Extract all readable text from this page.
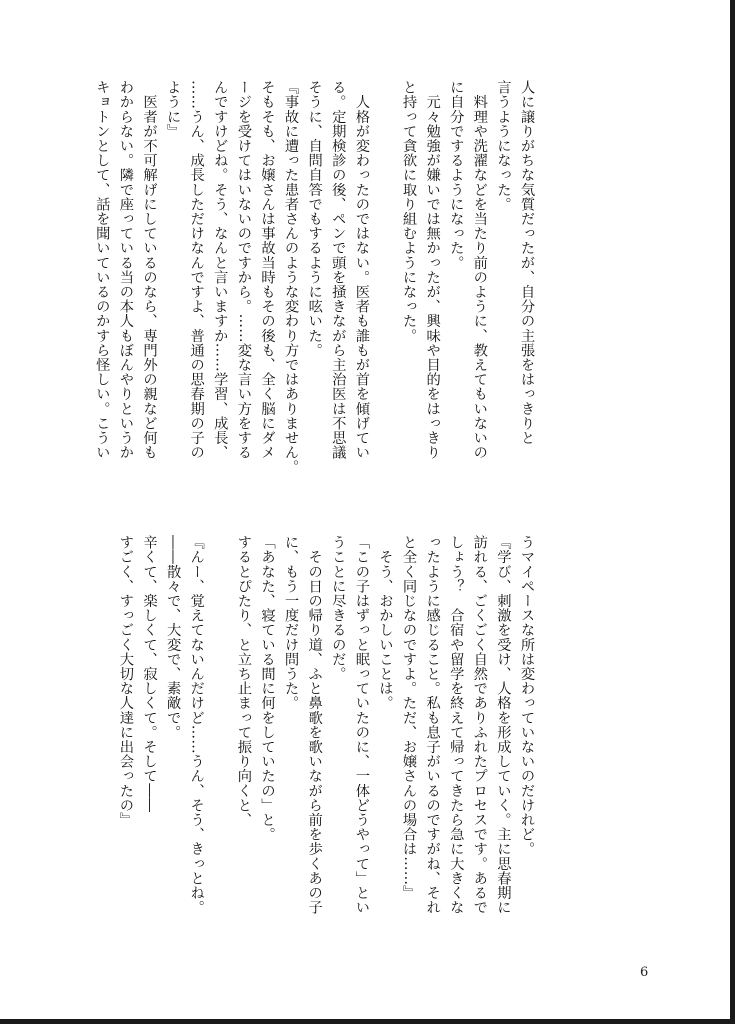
人に譲りがちな気質だったが、自分の主張をはっきりと
言うようになった。
　料理や洗濯などを当たり前のように、教えてもいないの
に自分でするようになった。
　元々勉強が嫌いでは無かったが、興味や目的をはっきり
と持って貪欲に取り組むようになった。

　人格が変わったのではない。医者も誰もが首を傾げてい
る。定期検診の後、ペンで頭を掻きながら主治医は不思議
そうに、自問自答でもするように呟いた。
『事故に遭った患者さんのような変わり方ではありません。
そもそも、お嬢さんは事故当時もその後も、全く脳にダメ
ージを受けてはいないのですから。……変な言い方をする
んですけどね。そう、なんと言いますか……学習、成長、
……うん、成長しただけなんですよ、普通の思春期の子の
ように』
　医者が不可解げにしているのなら、専門外の親など何も
わからない。隣で座っている当の本人もぼんやりというか
キョトンとして、話を聞いているのかすら怪しい。こうい
うマイペースな所は変わっていないのだけれど。
『学び、刺激を受け、人格を形成していく。主に思春期に
訪れる、ごくごく自然でありふれたプロセスです。あるで
しょう？　合宿や留学を終えて帰ってきたら急に大きくな
ったように感じること。私も息子がいるのですがね、それ
と全く同じなのですよ。ただ、お嬢さんの場合は……』
　そう、おかしいことは。
「この子はずっと眠っていたのに、一体どうやって」とい
うことに尽きるのだ。
　その日の帰り道、ふと鼻歌を歌いながら前を歩くあの子
に、もう一度だけ問うた。
「あなた、寝ている間に何をしていたの」と。
するとぴたり、と立ち止まって振り向くと、

『んー、覚えてないんだけど……うん、そう、きっとね。
――散々で、大変で、素敵で。
辛くて、楽しくて、寂しくて。そして――
すごく、すっごく大切な人達に出会ったの』
6
